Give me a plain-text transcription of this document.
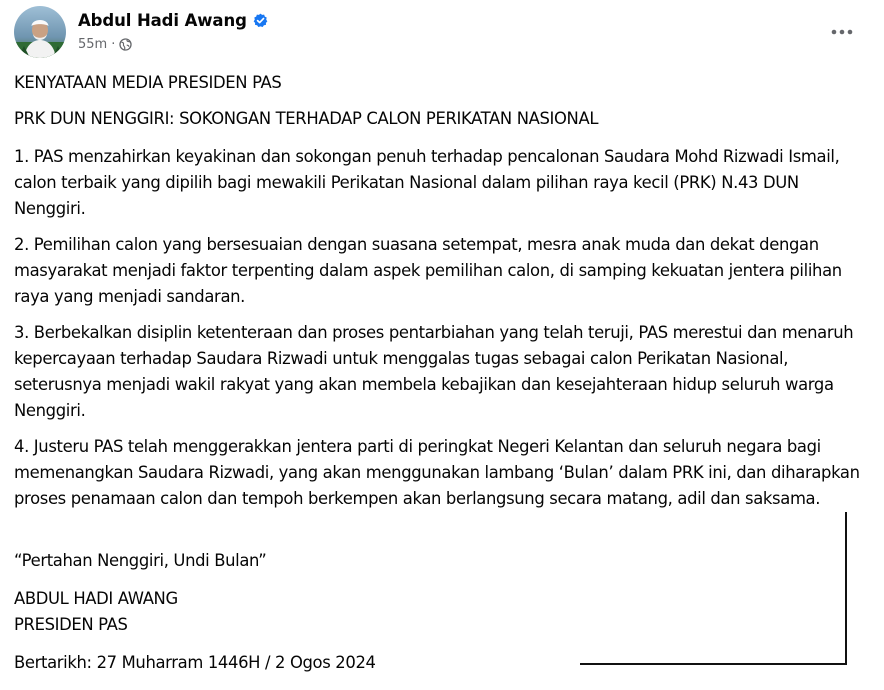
Abdul Hadi Awang
55m ·

KENYATAAN MEDIA PRESIDEN PAS

PRK DUN NENGGIRI: SOKONGAN TERHADAP CALON PERIKATAN NASIONAL

1. PAS menzahirkan keyakinan dan sokongan penuh terhadap pencalonan Saudara Mohd Rizwadi Ismail, calon terbaik yang dipilih bagi mewakili Perikatan Nasional dalam pilihan raya kecil (PRK) N.43 DUN Nenggiri.

2. Pemilihan calon yang bersesuaian dengan suasana setempat, mesra anak muda dan dekat dengan masyarakat menjadi faktor terpenting dalam aspek pemilihan calon, di samping kekuatan jentera pilihan raya yang menjadi sandaran.

3. Berbekalkan disiplin ketenteraan dan proses pentarbiahan yang telah teruji, PAS merestui dan menaruh kepercayaan terhadap Saudara Rizwadi untuk menggalas tugas sebagai calon Perikatan Nasional, seterusnya menjadi wakil rakyat yang akan membela kebajikan dan kesejahteraan hidup seluruh warga Nenggiri.

4. Justeru PAS telah menggerakkan jentera parti di peringkat Negeri Kelantan dan seluruh negara bagi memenangkan Saudara Rizwadi, yang akan menggunakan lambang ‘Bulan’ dalam PRK ini, dan diharapkan proses penamaan calon dan tempoh berkempen akan berlangsung secara matang, adil dan saksama.

“Pertahan Nenggiri, Undi Bulan”

ABDUL HADI AWANG

PRESIDEN PAS

Bertarikh: 27 Muharram 1446H / 2 Ogos 2024
